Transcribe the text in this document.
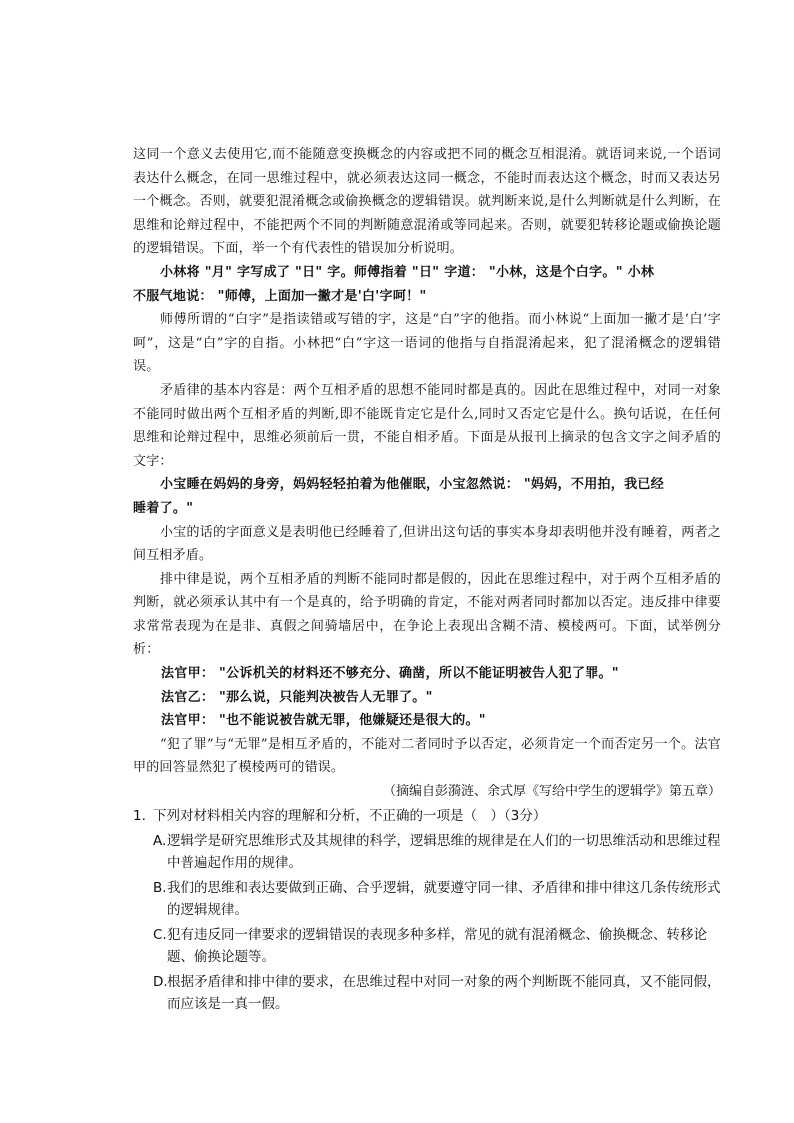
这同一个意义去使用它,而不能随意变换概念的内容或把不同的概念互相混淆。就语词来说,一个语词表达什么概念，在同一思维过程中，就必须表达这同一概念，不能时而表达这个概念，时而又表达另一个概念。否则，就要犯混淆概念或偷换概念的逻辑错误。就判断来说,是什么判断就是什么判断，在思维和论辩过程中，不能把两个不同的判断随意混淆或等同起来。否则，就要犯转移论题或偷换论题的逻辑错误。下面，举一个有代表性的错误加分析说明。

小林将 "月" 字写成了 "日" 字。师傅指着 "日" 字道： "小林，这是个白字。" 小林

不服气地说： "师傅，上面加一撇才是'白'字呵！"

师傅所谓的“白字”是指读错或写错的字，这是“白”字的他指。而小林说“上面加一撇才是‘白’字呵”，这是“白”字的自指。小林把“白”字这一语词的他指与自指混淆起来，犯了混淆概念的逻辑错误。

矛盾律的基本内容是：两个互相矛盾的思想不能同时都是真的。因此在思维过程中，对同一对象不能同时做出两个互相矛盾的判断,即不能既肯定它是什么,同时又否定它是什么。换句话说，在任何思维和论辩过程中，思维必须前后一贯，不能自相矛盾。下面是从报刊上摘录的包含文字之间矛盾的文字：

小宝睡在妈妈的身旁，妈妈轻轻拍着为他催眠，小宝忽然说： "妈妈，不用拍，我已经

睡着了。"

小宝的话的字面意义是表明他已经睡着了,但讲出这句话的事实本身却表明他并没有睡着，两者之间互相矛盾。

排中律是说，两个互相矛盾的判断不能同时都是假的，因此在思维过程中，对于两个互相矛盾的判断，就必须承认其中有一个是真的，给予明确的肯定，不能对两者同时都加以否定。违反排中律要求常常表现为在是非、真假之间骑墙居中，在争论上表现出含糊不清、模棱两可。下面，试举例分析：

法官甲： "公诉机关的材料还不够充分、确凿，所以不能证明被告人犯了罪。"

法官乙： "那么说，只能判决被告人无罪了。"

法官甲： "也不能说被告就无罪，他嫌疑还是很大的。"

“犯了罪”与“无罪”是相互矛盾的，不能对二者同时予以否定，必须肯定一个而否定另一个。法官甲的回答显然犯了模棱两可的错误。

（摘编自彭漪涟、余式厚《写给中学生的逻辑学》第五章）

1. 下列对材料相关内容的理解和分析，不正确的一项是（　）（3分）
A. 逻辑学是研究思维形式及其规律的科学，逻辑思维的规律是在人们的一切思维活动和思维过程中普遍起作用的规律。
B. 我们的思维和表达要做到正确、合乎逻辑，就要遵守同一律、矛盾律和排中律这几条传统形式的逻辑规律。
C. 犯有违反同一律要求的逻辑错误的表现多种多样，常见的就有混淆概念、偷换概念、转移论题、偷换论题等。
D. 根据矛盾律和排中律的要求，在思维过程中对同一对象的两个判断既不能同真，又不能同假，而应该是一真一假。
